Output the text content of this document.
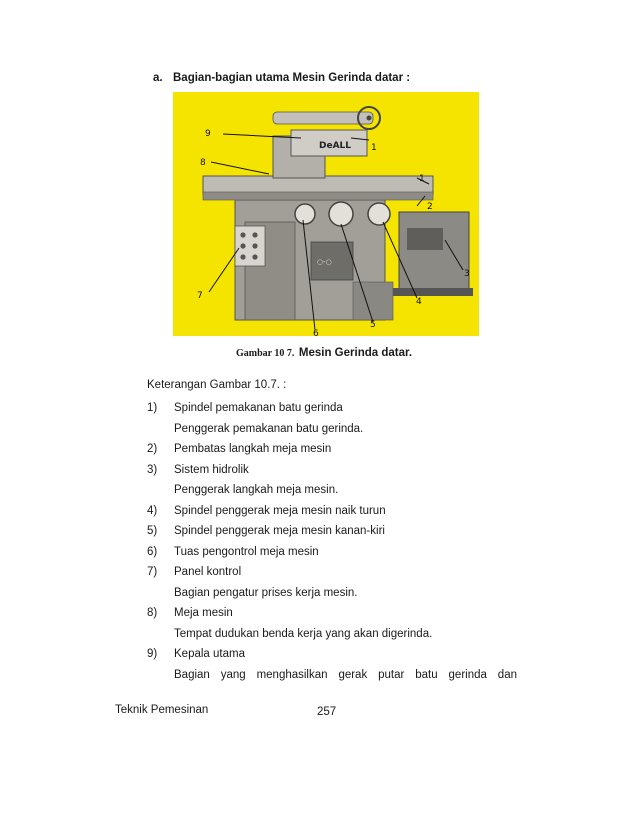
a. Bagian-bagian utama Mesin Gerinda datar :
○-○
DeALL
9
8
1
1
2
3
4
5
6
7
Gambar 10 7. Mesin Gerinda datar.
Keterangan Gambar 10.7. :
1) Spindel pemakanan batu gerinda
Penggerak pemakanan batu gerinda.
2) Pembatas langkah meja mesin
3) Sistem hidrolik
Penggerak langkah meja mesin.
4) Spindel penggerak meja mesin naik turun
5) Spindel penggerak meja mesin kanan-kiri
6) Tuas pengontrol meja mesin
7) Panel kontrol
Bagian pengatur prises kerja mesin.
8) Meja mesin
Tempat dudukan benda kerja yang akan digerinda.
9) Kepala utama
Bagian yang menghasilkan gerak putar batu gerinda dan
Teknik Pemesinan	257
